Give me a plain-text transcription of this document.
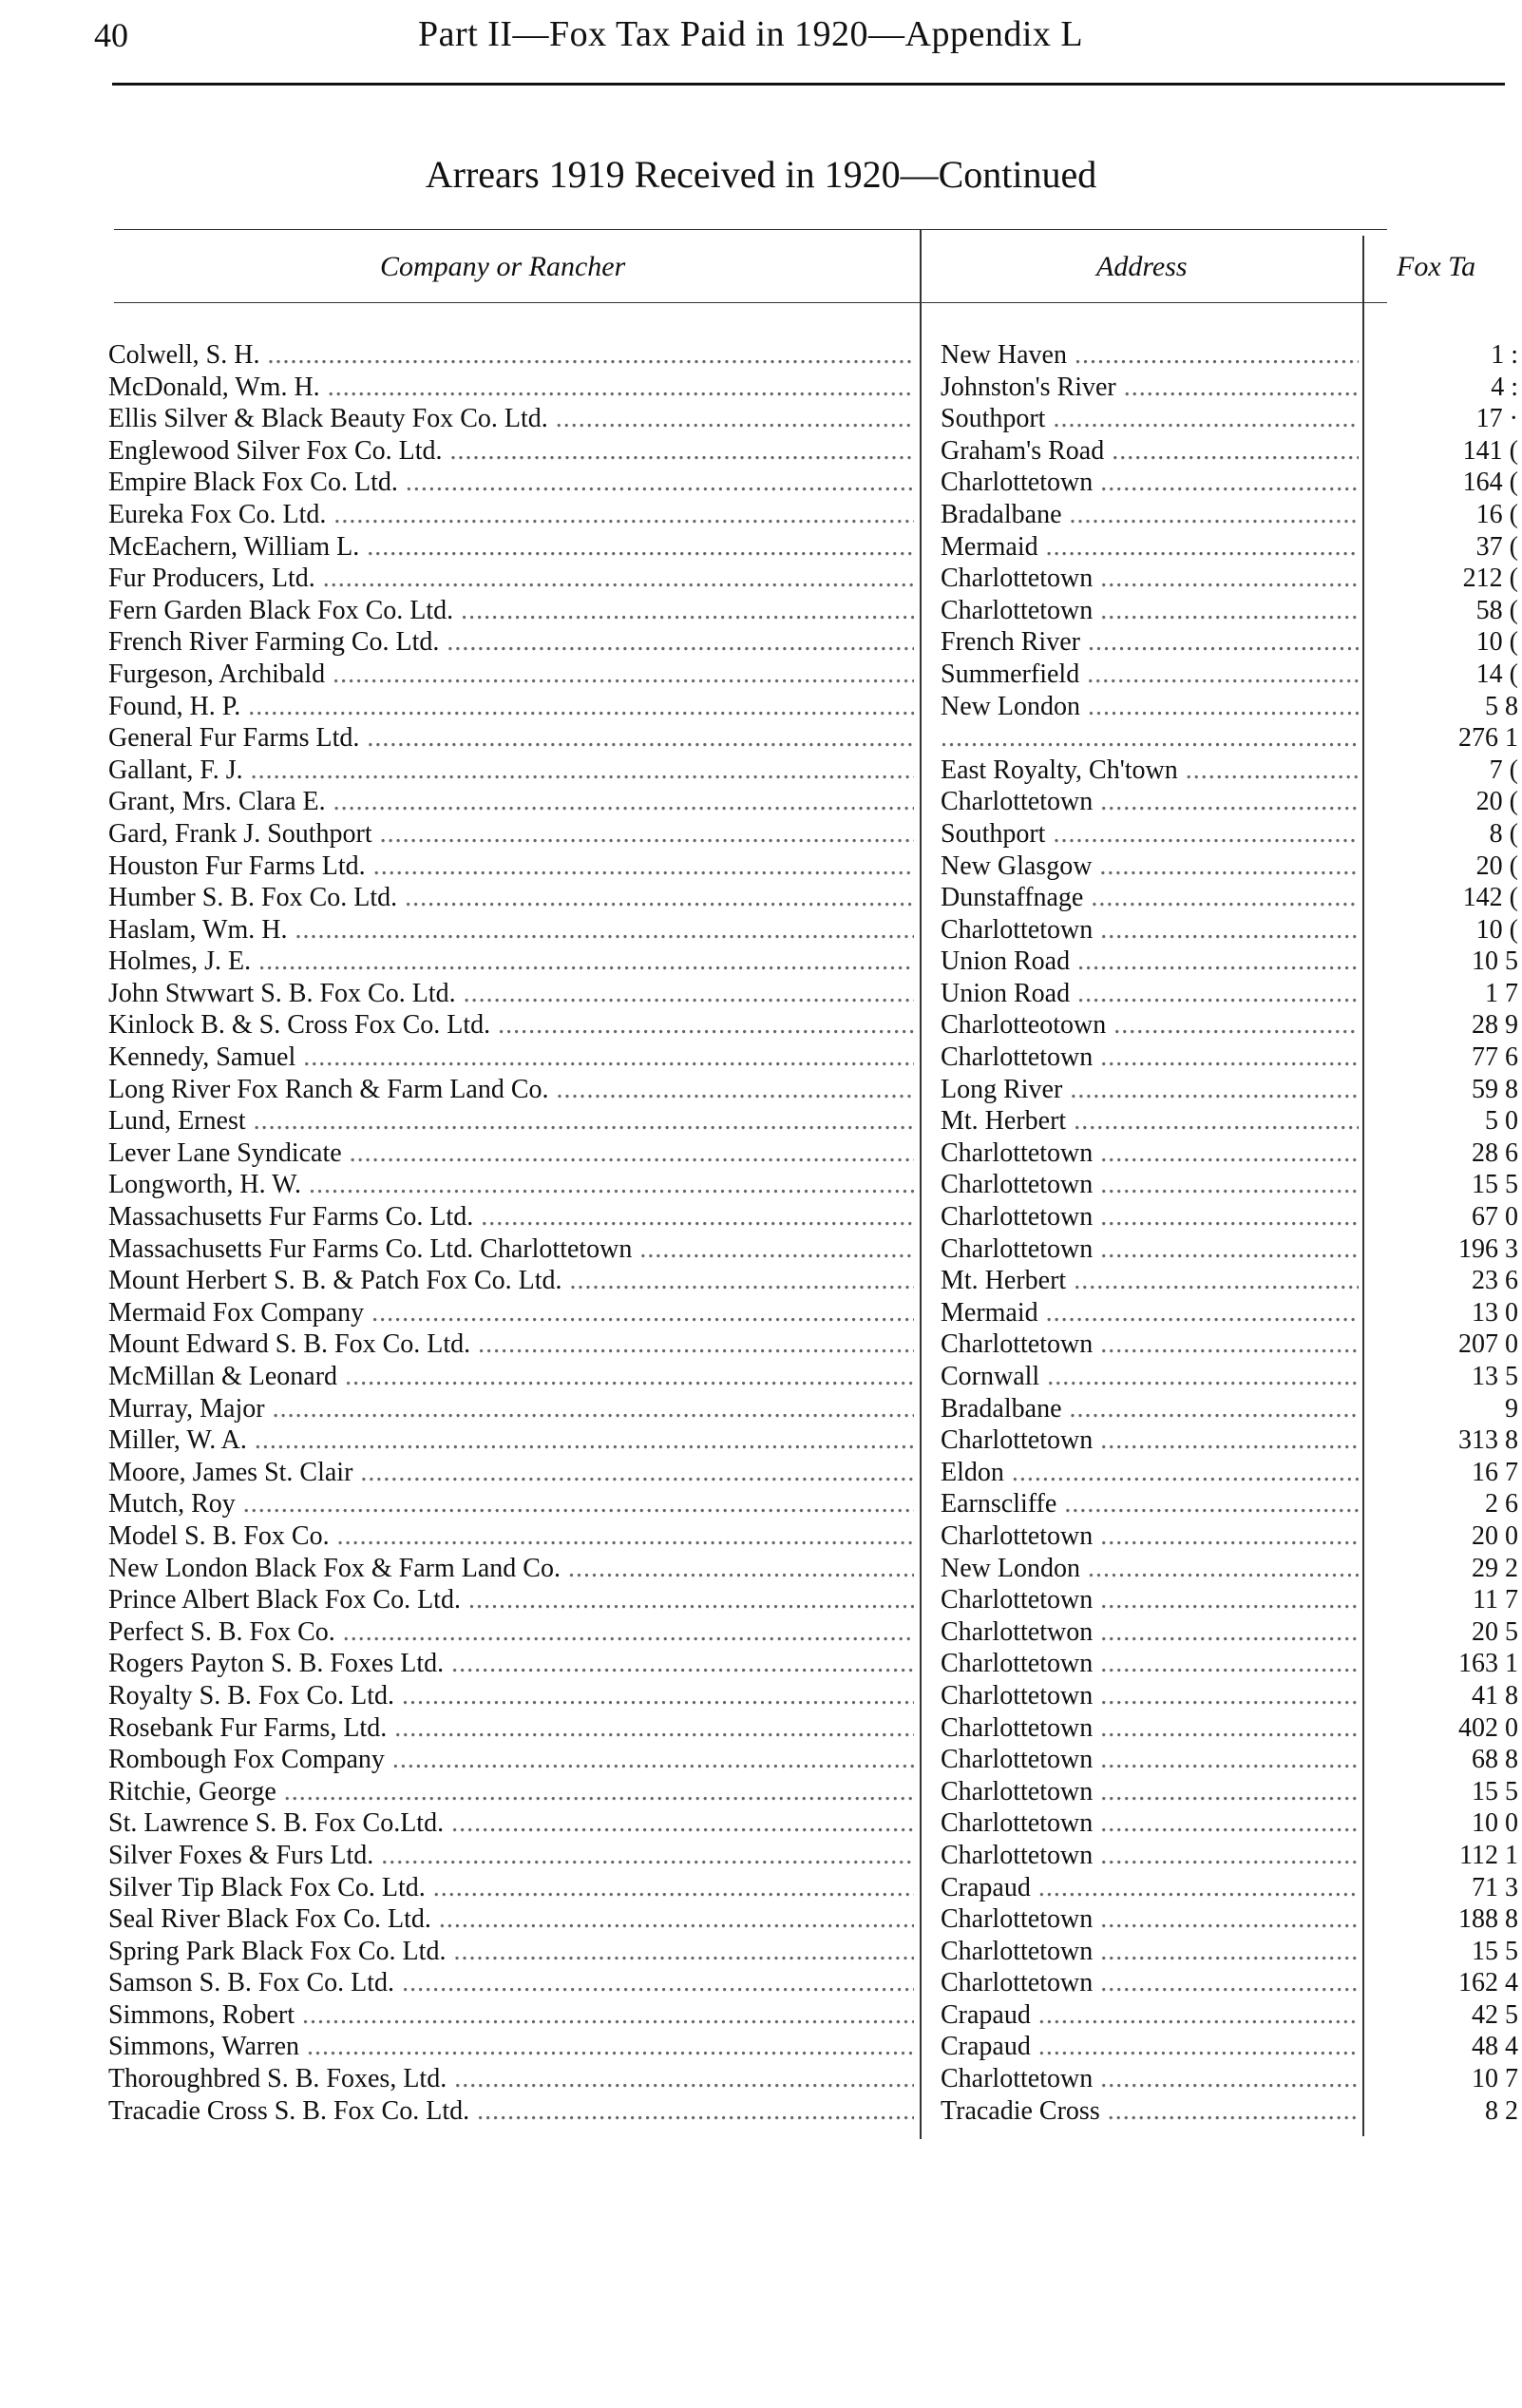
40	Part II—Fox Tax Paid in 1920—Appendix L
Arrears 1919 Received in 1920—Continued
Company or Rancher	Address	Fox Ta
Colwell, S. H. .....	New Haven .....	1 :
McDonald, Wm. H. .....	Johnston's River .....	4 :
Ellis Silver & Black Beauty Fox Co. Ltd. .....	Southport .....	17 ·
Englewood Silver Fox Co. Ltd. .....	Graham's Road .....	141 (
Empire Black Fox Co. Ltd. .....	Charlottetown .....	164 (
Eureka Fox Co. Ltd. .....	Bradalbane .....	16 (
McEachern, William L. .....	Mermaid .....	37 (
Fur Producers, Ltd. .....	Charlottetown .....	212 (
Fern Garden Black Fox Co. Ltd. .....	Charlottetown .....	58 (
French River Farming Co. Ltd. .....	French River .....	10 (
Furgeson, Archibald .....	Summerfield .....	14 (
Found, H. P. .....	New London .....	5 8
General Fur Farms Ltd. .....
.....	276 1
Gallant, F. J. .....	East Royalty, Ch'town .....	7 (
Grant, Mrs. Clara E. .....	Charlottetown .....	20 (
Gard, Frank J. Southport .....	Southport .....	8 (
Houston Fur Farms Ltd. .....	New Glasgow .....	20 (
Humber S. B. Fox Co. Ltd. .....	Dunstaffnage .....	142 (
Haslam, Wm. H. .....	Charlottetown .....	10 (
Holmes, J. E. .....	Union Road .....	10 5
John Stwwart S. B. Fox Co. Ltd. .....	Union Road .....	1 7
Kinlock B. & S. Cross Fox Co. Ltd. .....	Charlotteotown .....	28 9
Kennedy, Samuel .....	Charlottetown .....	77 6
Long River Fox Ranch & Farm Land Co. .....	Long River .....	59 8
Lund, Ernest .....	Mt. Herbert .....	5 0
Lever Lane Syndicate .....	Charlottetown .....	28 6
Longworth, H. W. .....	Charlottetown .....	15 5
Massachusetts Fur Farms Co. Ltd. .....	Charlottetown .....	67 0
Massachusetts Fur Farms Co. Ltd. Charlottetown .....	Charlottetown .....	196 3
Mount Herbert S. B. & Patch Fox Co. Ltd. .....	Mt. Herbert .....	23 6
Mermaid Fox Company .....	Mermaid .....	13 0
Mount Edward S. B. Fox Co. Ltd. .....	Charlottetown .....	207 0
McMillan & Leonard .....	Cornwall .....	13 5
Murray, Major .....	Bradalbane .....	9
Miller, W. A. .....	Charlottetown .....	313 8
Moore, James St. Clair .....	Eldon .....	16 7
Mutch, Roy .....	Earnscliffe .....	2 6
Model S. B. Fox Co. .....	Charlottetown .....	20 0
New London Black Fox & Farm Land Co. .....	New London .....	29 2
Prince Albert Black Fox Co. Ltd. .....	Charlottetown .....	11 7
Perfect S. B. Fox Co. .....	Charlottetwon .....	20 5
Rogers Payton S. B. Foxes Ltd. .....	Charlottetown .....	163 1
Royalty S. B. Fox Co. Ltd. .....	Charlottetown .....	41 8
Rosebank Fur Farms, Ltd. .....	Charlottetown .....	402 0
Rombough Fox Company .....	Charlottetown .....	68 8
Ritchie, George .....	Charlottetown .....	15 5
St. Lawrence S. B. Fox Co.Ltd. .....	Charlottetown .....	10 0
Silver Foxes & Furs Ltd. .....	Charlottetown .....	112 1
Silver Tip Black Fox Co. Ltd. .....	Crapaud .....	71 3
Seal River Black Fox Co. Ltd. .....	Charlottetown .....	188 8
Spring Park Black Fox Co. Ltd. .....	Charlottetown .....	15 5
Samson S. B. Fox Co. Ltd. .....	Charlottetown .....	162 4
Simmons, Robert .....	Crapaud .....	42 5
Simmons, Warren .....	Crapaud .....	48 4
Thoroughbred S. B. Foxes, Ltd. .....	Charlottetown .....	10 7
Tracadie Cross S. B. Fox Co. Ltd. .....	Tracadie Cross .....	8 2
